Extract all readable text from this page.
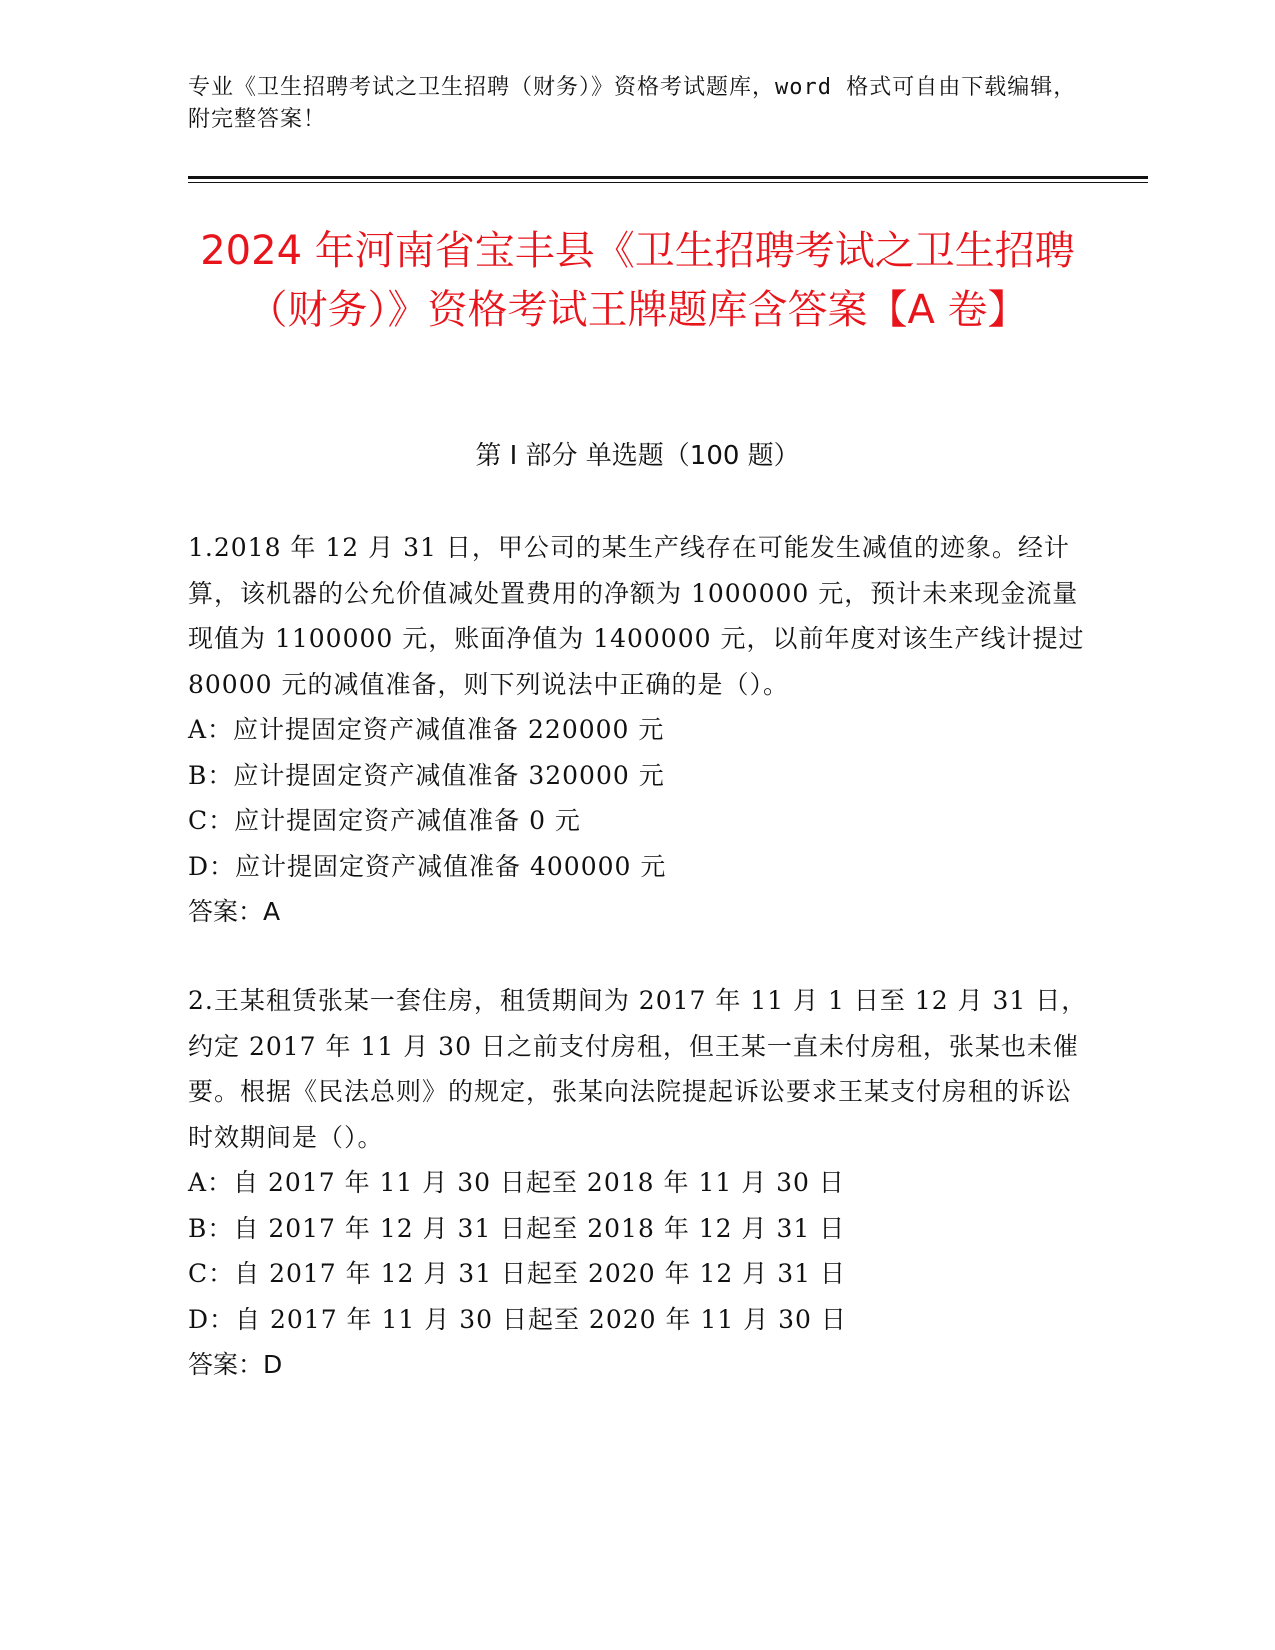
专业《卫生招聘考试之卫生招聘（财务）》资格考试题库，word 格式可自由下载编辑，附完整答案！
2024 年河南省宝丰县《卫生招聘考试之卫生招聘（财务）》资格考试王牌题库含答案【A 卷】
第 I 部分 单选题（100 题）

1.2018 年 12 月 31 日，甲公司的某生产线存在可能发生减值的迹象。经计算，该机器的公允价值减处置费用的净额为 1000000 元，预计未来现金流量现值为 1100000 元，账面净值为 1400000 元，以前年度对该生产线计提过 80000 元的减值准备，则下列说法中正确的是（）。

A：应计提固定资产减值准备 220000 元

B：应计提固定资产减值准备 320000 元

C：应计提固定资产减值准备 0 元

D：应计提固定资产减值准备 400000 元

答案：A

2.王某租赁张某一套住房，租赁期间为 2017 年 11 月 1 日至 12 月 31 日，约定 2017 年 11 月 30 日之前支付房租，但王某一直未付房租，张某也未催要。根据《民法总则》的规定，张某向法院提起诉讼要求王某支付房租的诉讼时效期间是（）。

A：自 2017 年 11 月 30 日起至 2018 年 11 月 30 日

B：自 2017 年 12 月 31 日起至 2018 年 12 月 31 日

C：自 2017 年 12 月 31 日起至 2020 年 12 月 31 日

D：自 2017 年 11 月 30 日起至 2020 年 11 月 30 日

答案：D
